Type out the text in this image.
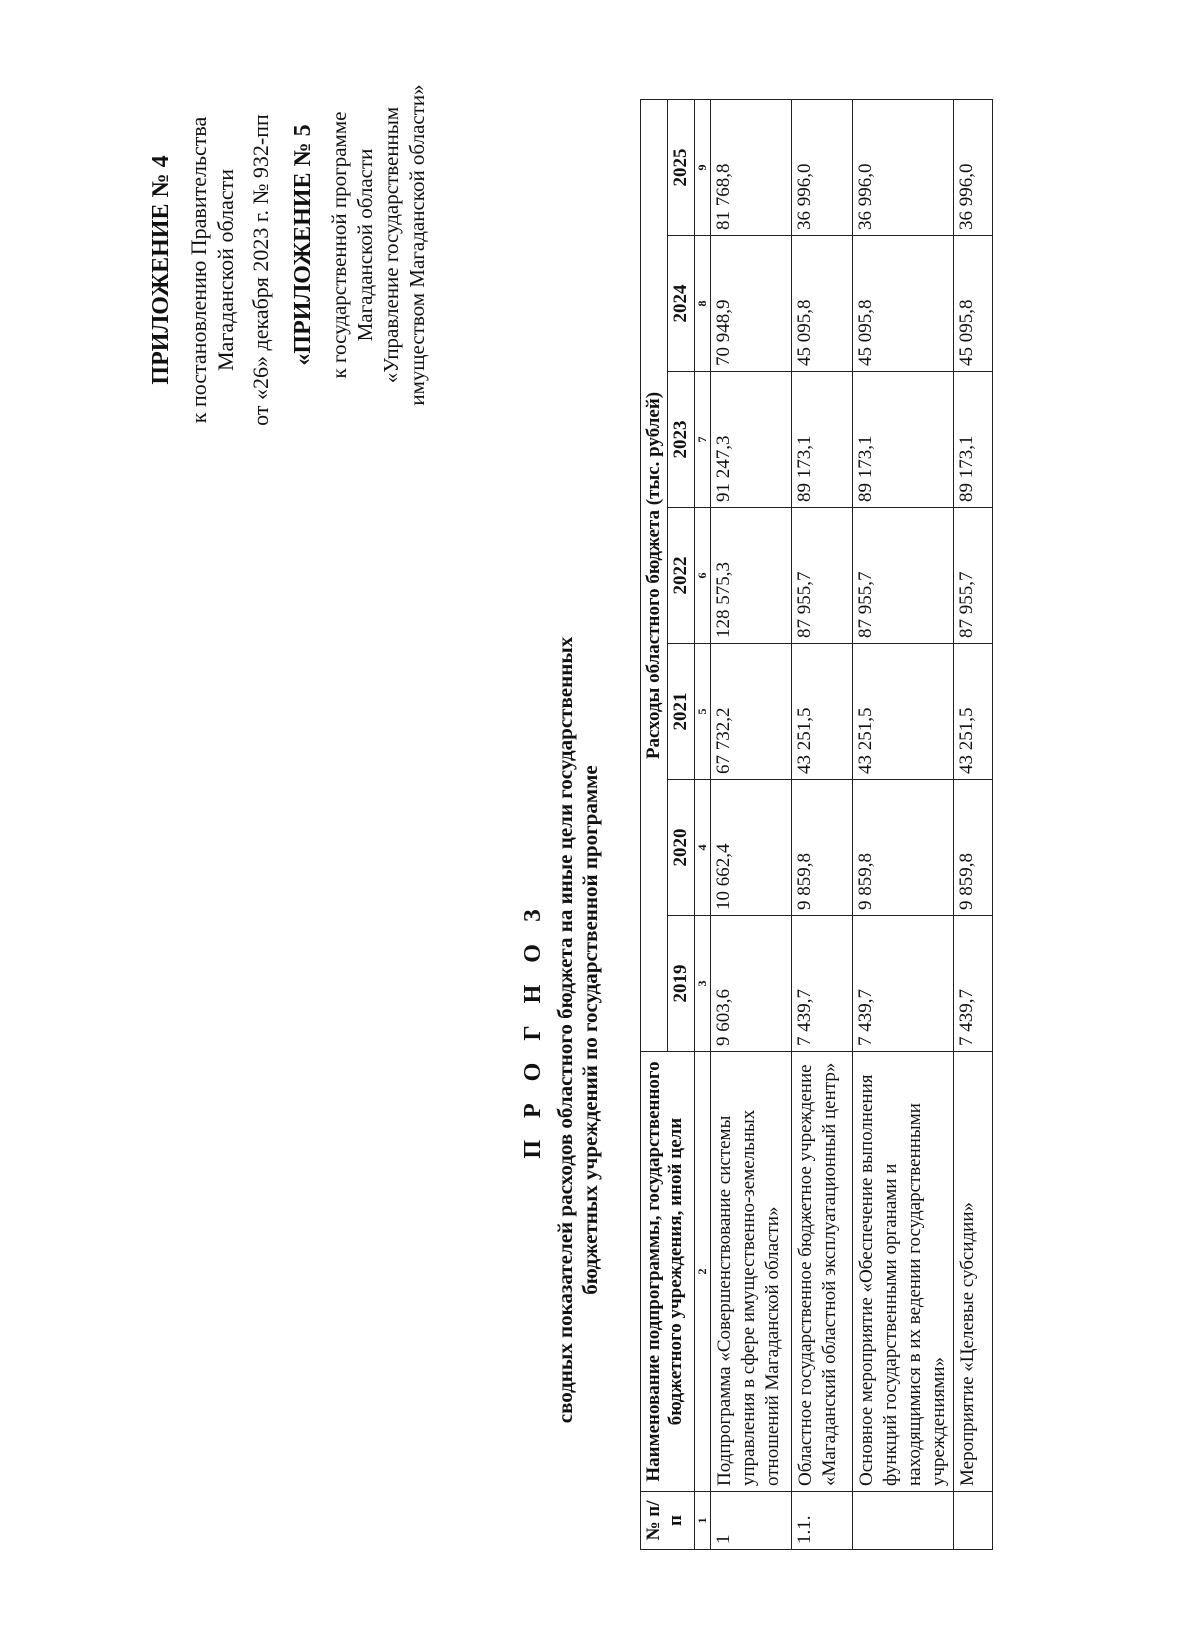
ПРИЛОЖЕНИЕ № 4 к постановлению Правительства Магаданской области от «26» декабря 2023 г. № 932-пп «ПРИЛОЖЕНИЕ № 5 к государственной программе Магаданской области «Управление государственным имуществом Магаданской области»
П Р О Г Н О З сводных показателей расходов областного бюджета на иные цели государственных бюджетных учреждений по государственной программе
№ п/п	Наименование подпрограммы, государственного бюджетного учреждения, иной цели	Расходы областного бюджета (тыс. рублей)						
		2019	2020	2021	2022	2023	2024	2025
1	2	3	4	5	6	7	8	9
1	Подпрограмма «Совершенствование системы управления в сфере имущественно-земельных отношений Магаданской области»	9 603,6	10 662,4	67 732,2	128 575,3	91 247,3	70 948,9	81 768,8
1.1.	Областное государственное бюджетное учреждение «Магаданский областной эксплуатационный центр»	7 439,7	9 859,8	43 251,5	87 955,7	89 173,1	45 095,8	36 996,0
	Основное мероприятие «Обеспечение выполнения функций государственными органами и находящимися в их ведении государственными учреждениями»	7 439,7	9 859,8	43 251,5	87 955,7	89 173,1	45 095,8	36 996,0
	Мероприятие «Целевые субсидии»	7 439,7	9 859,8	43 251,5	87 955,7	89 173,1	45 095,8	36 996,0
